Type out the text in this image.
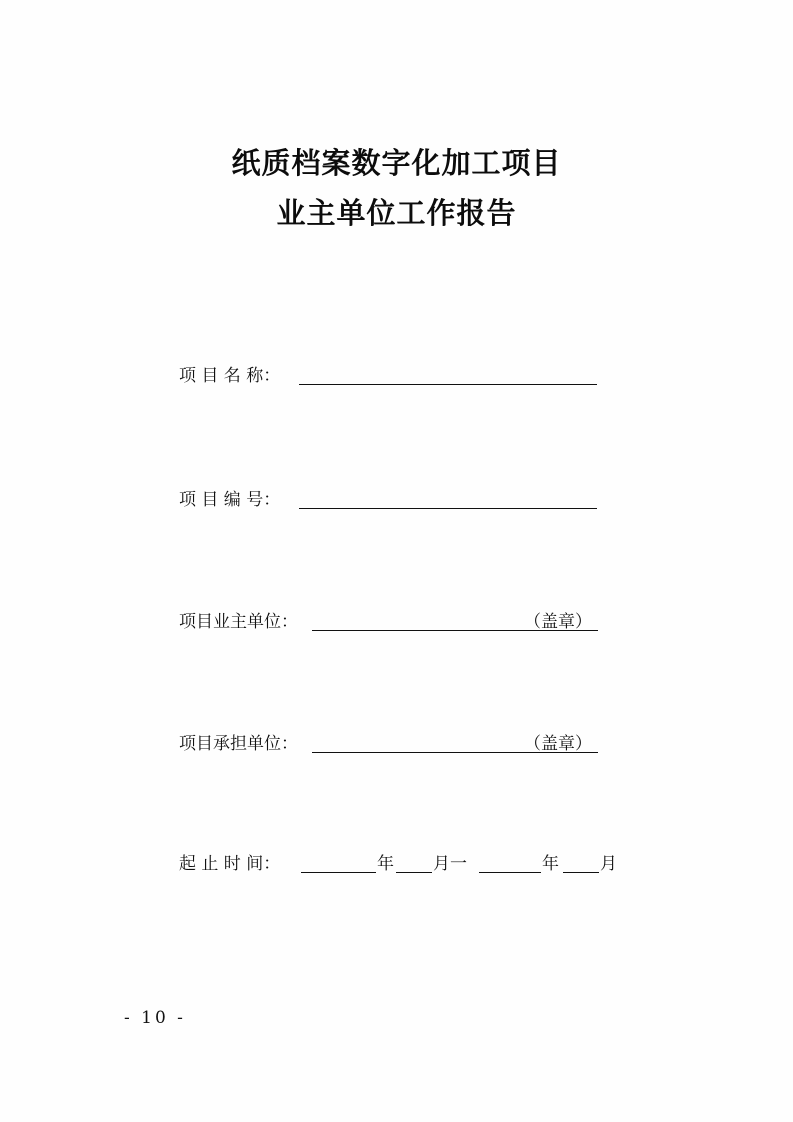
纸质档案数字化加工项目
业主单位工作报告
项 目 名 称：
项 目 编 号：
项目业主单位：	（盖章）
项目承担单位：	（盖章）
起 止 时 间：	年 月一	年 月
- 10 -
